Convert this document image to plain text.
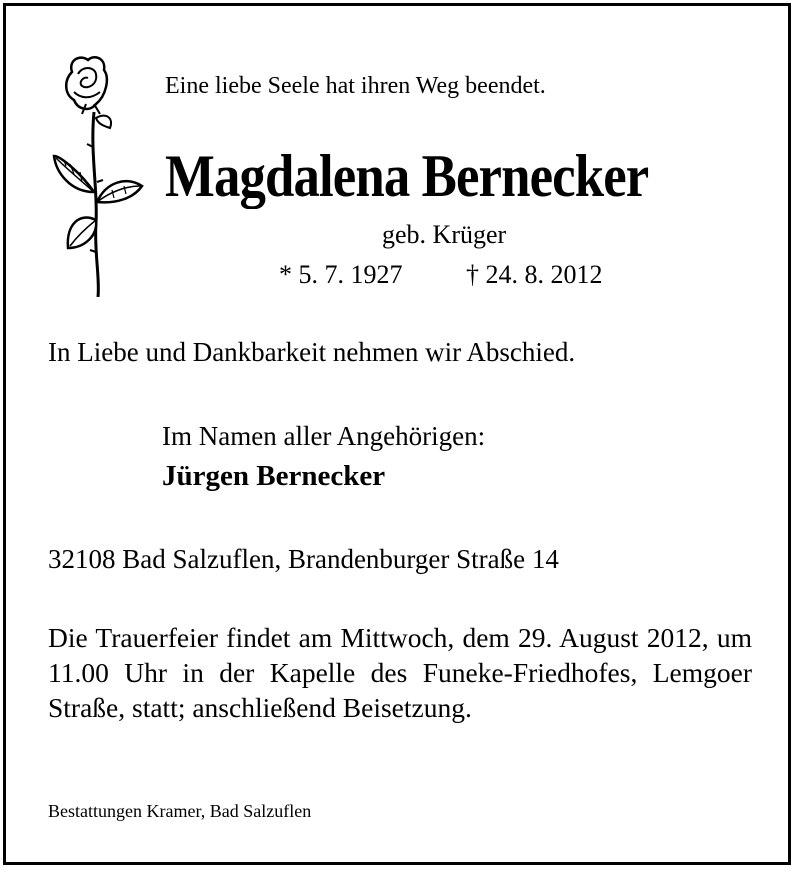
Eine liebe Seele hat ihren Weg beendet.
Magdalena Bernecker
geb. Krüger
* 5. 7. 1927 † 24. 8. 2012
In Liebe und Dankbarkeit nehmen wir Abschied.
Im Namen aller Angehörigen:
Jürgen Bernecker
32108 Bad Salzuflen, Brandenburger Straße 14
Die Trauerfeier findet am Mittwoch, dem 29. August 2012, um 11.00 Uhr in der Kapelle des Funeke-Friedhofes, Lemgoer Straße, statt; anschließend Beisetzung.
Bestattungen Kramer, Bad Salzuflen
